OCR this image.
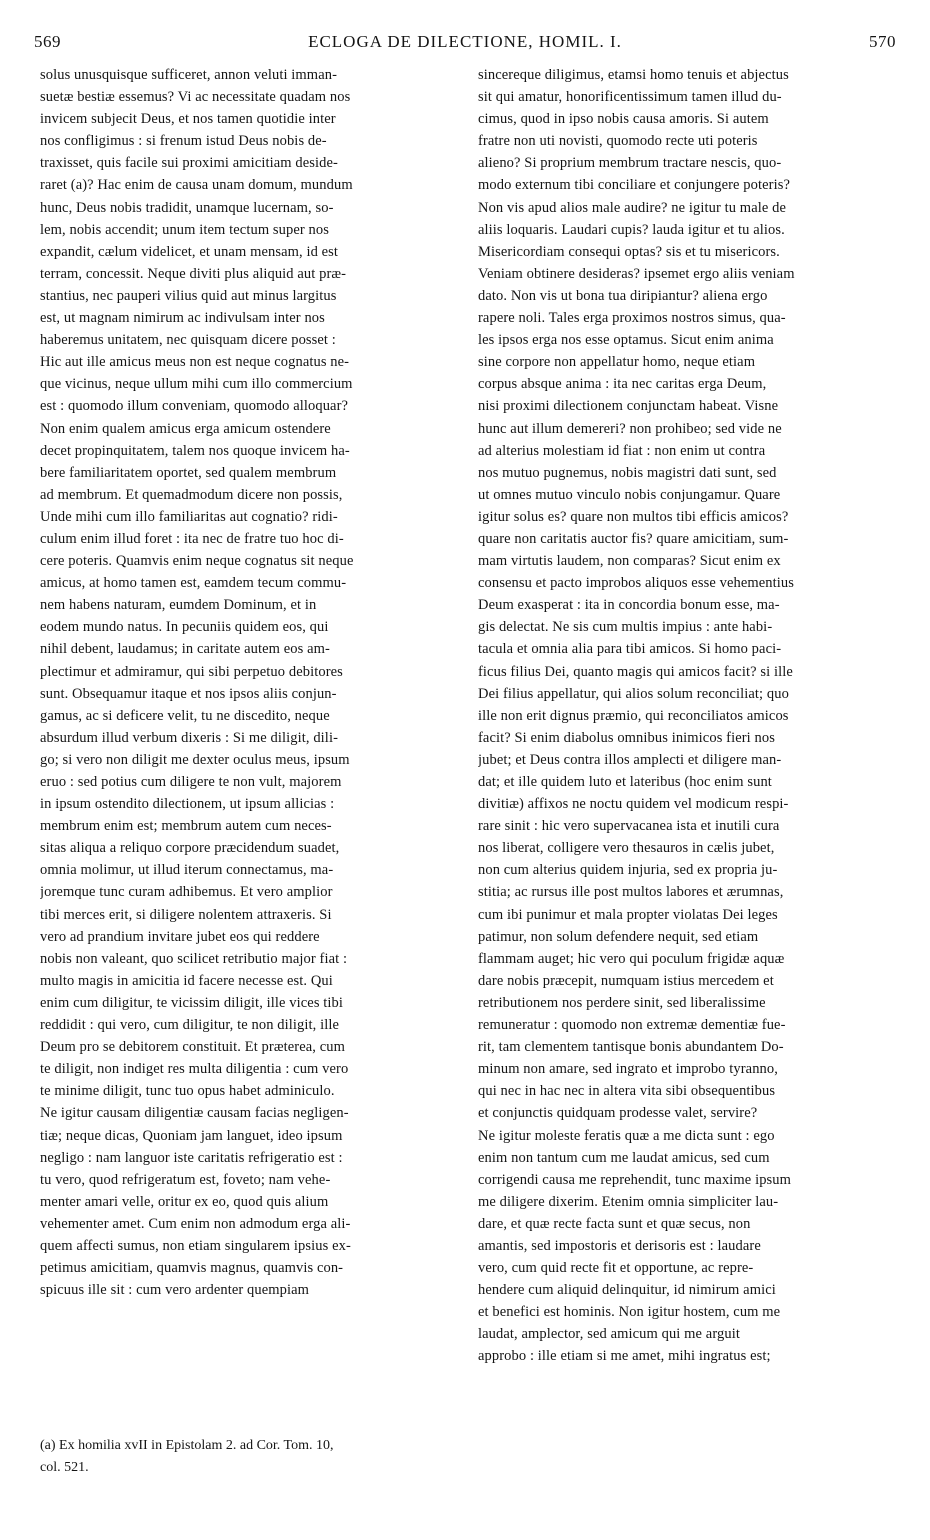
569	ECLOGA DE DILECTIONE, HOMIL. I.	570
solus unusquisque sufficeret, annon veluti imman-
suetæ bestiæ essemus? Vi ac necessitate quadam nos
invicem subjecit Deus, et nos tamen quotidie inter
nos confligimus : si frenum istud Deus nobis de-
traxisset, quis facile sui proximi amicitiam deside-
raret (a)? Hac enim de causa unam domum, mundum
hunc, Deus nobis tradidit, unamque lucernam, so-
lem, nobis accendit; unum item tectum super nos
expandit, cælum videlicet, et unam mensam, id est
terram, concessit. Neque diviti plus aliquid aut præ-
stantius, nec pauperi vilius quid aut minus largitus
est, ut magnam nimirum ac indivulsam inter nos
haberemus unitatem, nec quisquam dicere posset :
Hic aut ille amicus meus non est neque cognatus ne-
que vicinus, neque ullum mihi cum illo commercium
est : quomodo illum conveniam, quomodo alloquar?
Non enim qualem amicus erga amicum ostendere
decet propinquitatem, talem nos quoque invicem ha-
bere familiaritatem oportet, sed qualem membrum
ad membrum. Et quemadmodum dicere non possis,
Unde mihi cum illo familiaritas aut cognatio? ridi-
culum enim illud foret : ita nec de fratre tuo hoc di-
cere poteris. Quamvis enim neque cognatus sit neque
amicus, at homo tamen est, eamdem tecum commu-
nem habens naturam, eumdem Dominum, et in
eodem mundo natus. In pecuniis quidem eos, qui
nihil debent, laudamus; in caritate autem eos am-
plectimur et admiramur, qui sibi perpetuo debitores
sunt. Obsequamur itaque et nos ipsos aliis conjun-
gamus, ac si deficere velit, tu ne discedito, neque
absurdum illud verbum dixeris : Si me diligit, dili-
go; si vero non diligit me dexter oculus meus, ipsum
eruo : sed potius cum diligere te non vult, majorem
in ipsum ostendito dilectionem, ut ipsum allicias :
membrum enim est; membrum autem cum neces-
sitas aliqua a reliquo corpore præcidendum suadet,
omnia molimur, ut illud iterum connectamus, ma-
joremque tunc curam adhibemus. Et vero amplior
tibi merces erit, si diligere nolentem attraxeris. Si
vero ad prandium invitare jubet eos qui reddere
nobis non valeant, quo scilicet retributio major fiat :
multo magis in amicitia id facere necesse est. Qui
enim cum diligitur, te vicissim diligit, ille vices tibi
reddidit : qui vero, cum diligitur, te non diligit, ille
Deum pro se debitorem constituit. Et præterea, cum
te diligit, non indiget res multa diligentia : cum vero
te minime diligit, tunc tuo opus habet adminiculo.
Ne igitur causam diligentiæ causam facias negligen-
tiæ; neque dicas, Quoniam jam languet, ideo ipsum
negligo : nam languor iste caritatis refrigeratio est :
tu vero, quod refrigeratum est, foveto; nam vehe-
menter amari velle, oritur ex eo, quod quis alium
vehementer amet. Cum enim non admodum erga ali-
quem affecti sumus, non etiam singularem ipsius ex-
petimus amicitiam, quamvis magnus, quamvis con-
spicuus ille sit : cum vero ardenter quempiam
sincereque diligimus, etamsi homo tenuis et abjectus
sit qui amatur, honorificentissimum tamen illud du-
cimus, quod in ipso nobis causa amoris. Si autem
fratre non uti novisti, quomodo recte uti poteris
alieno? Si proprium membrum tractare nescis, quo-
modo externum tibi conciliare et conjungere poteris?
Non vis apud alios male audire? ne igitur tu male de
aliis loquaris. Laudari cupis? lauda igitur et tu alios.
Misericordiam consequi optas? sis et tu misericors.
Veniam obtinere desideras? ipsemet ergo aliis veniam
dato. Non vis ut bona tua diripiantur? aliena ergo
rapere noli. Tales erga proximos nostros simus, qua-
les ipsos erga nos esse optamus. Sicut enim anima
sine corpore non appellatur homo, neque etiam
corpus absque anima : ita nec caritas erga Deum,
nisi proximi dilectionem conjunctam habeat. Visne
hunc aut illum demereri? non prohibeo; sed vide ne
ad alterius molestiam id fiat : non enim ut contra
nos mutuo pugnemus, nobis magistri dati sunt, sed
ut omnes mutuo vinculo nobis conjungamur. Quare
igitur solus es? quare non multos tibi efficis amicos?
quare non caritatis auctor fis? quare amicitiam, sum-
mam virtutis laudem, non comparas? Sicut enim ex
consensu et pacto improbos aliquos esse vehementius
Deum exasperat : ita in concordia bonum esse, ma-
gis delectat. Ne sis cum multis impius : ante habi-
tacula et omnia alia para tibi amicos. Si homo paci-
ficus filius Dei, quanto magis qui amicos facit? si ille
Dei filius appellatur, qui alios solum reconciliat; quo
ille non erit dignus præmio, qui reconciliatos amicos
facit? Si enim diabolus omnibus inimicos fieri nos
jubet; et Deus contra illos amplecti et diligere man-
dat; et ille quidem luto et lateribus (hoc enim sunt
divitiæ) affixos ne noctu quidem vel modicum respi-
rare sinit : hic vero supervacanea ista et inutili cura
nos liberat, colligere vero thesauros in cælis jubet,
non cum alterius quidem injuria, sed ex propria ju-
stitia; ac rursus ille post multos labores et ærumnas,
cum ibi punimur et mala propter violatas Dei leges
patimur, non solum defendere nequit, sed etiam
flammam auget; hic vero qui poculum frigidæ aquæ
dare nobis præcepit, numquam istius mercedem et
retributionem nos perdere sinit, sed liberalissime
remuneratur : quomodo non extremæ dementiæ fue-
rit, tam clementem tantisque bonis abundantem Do-
minum non amare, sed ingrato et improbo tyranno,
qui nec in hac nec in altera vita sibi obsequentibus
et conjunctis quidquam prodesse valet, servire?
Ne igitur moleste feratis quæ a me dicta sunt : ego
enim non tantum cum me laudat amicus, sed cum
corrigendi causa me reprehendit, tunc maxime ipsum
me diligere dixerim. Etenim omnia simpliciter lau-
dare, et quæ recte facta sunt et quæ secus, non
amantis, sed impostoris et derisoris est : laudare
vero, cum quid recte fit et opportune, ac repre-
hendere cum aliquid delinquitur, id nimirum amici
et benefici est hominis. Non igitur hostem, cum me
laudat, amplector, sed amicum qui me arguit
approbo : ille etiam si me amet, mihi ingratus est;
(a) Ex homilia xvII in Epistolam 2. ad Cor. Tom. 10,
col. 521.
